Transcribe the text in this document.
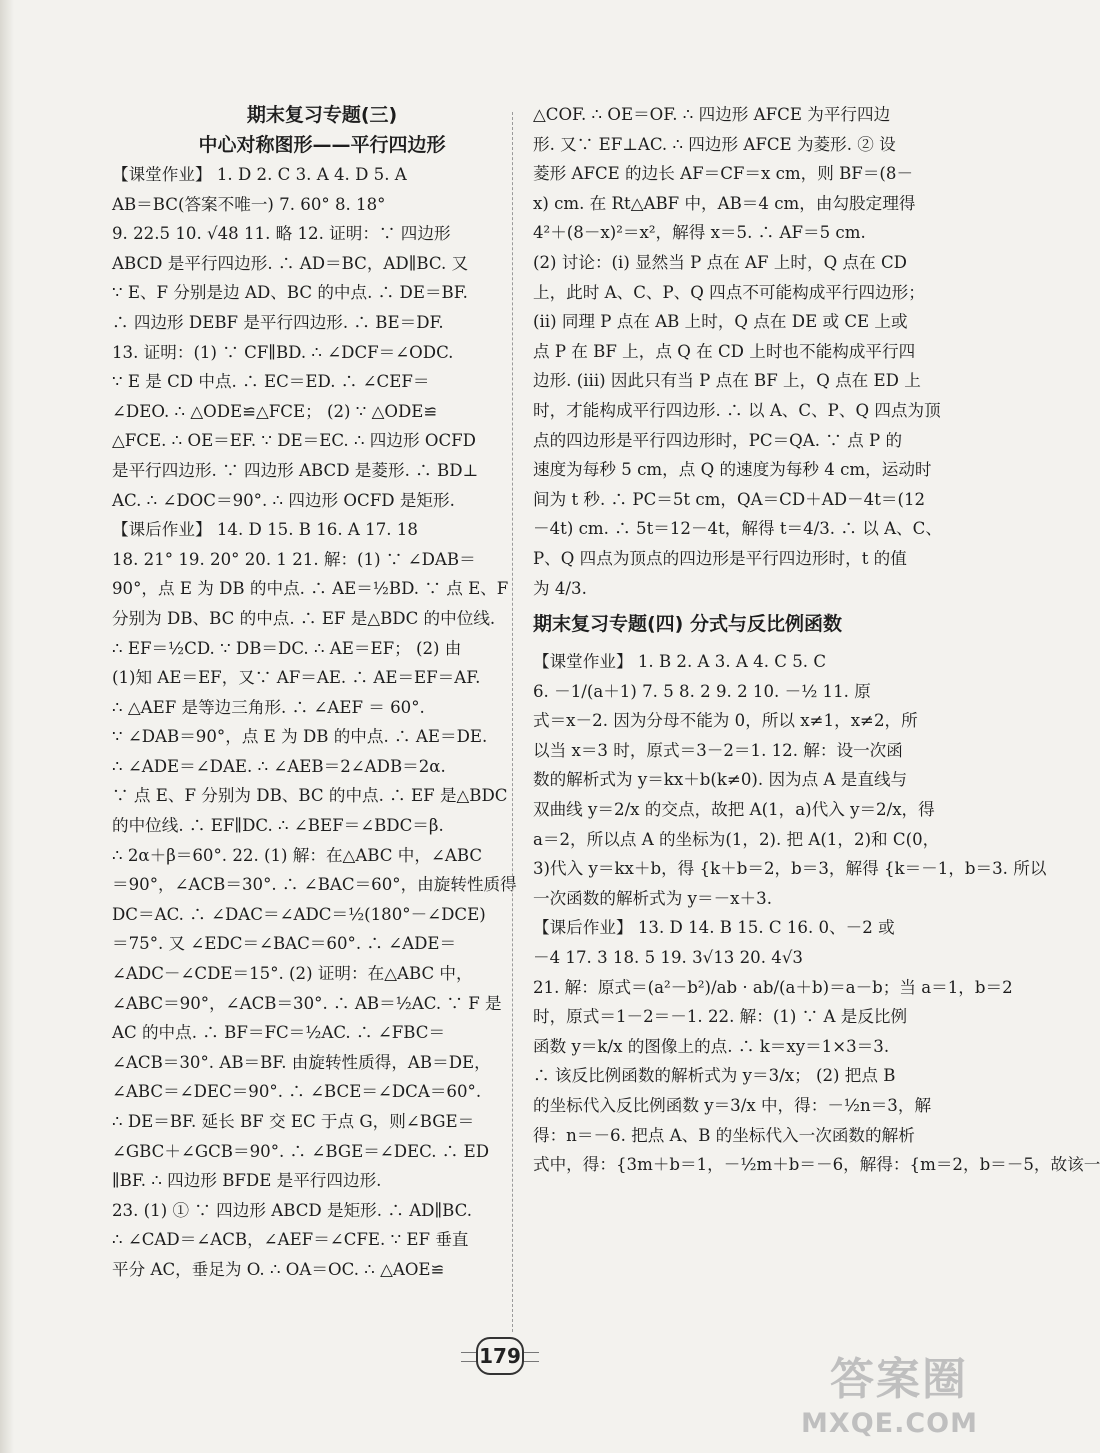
期末复习专题(三)
中心对称图形——平行四边形
【课堂作业】 1. D 2. C 3. A 4. D 5. A
AB＝BC(答案不唯一) 7. 60° 8. 18°
9. 22.5 10. √48 11. 略 12. 证明：∵ 四边形
ABCD 是平行四边形. ∴ AD＝BC，AD∥BC. 又
∵ E、F 分别是边 AD、BC 的中点. ∴ DE＝BF.
∴ 四边形 DEBF 是平行四边形. ∴ BE＝DF.
13. 证明：(1) ∵ CF∥BD. ∴ ∠DCF＝∠ODC.
∵ E 是 CD 中点. ∴ EC＝ED. ∴ ∠CEF＝
∠DEO. ∴ △ODE≌△FCE； (2) ∵ △ODE≌
△FCE. ∴ OE＝EF. ∵ DE＝EC. ∴ 四边形 OCFD
是平行四边形. ∵ 四边形 ABCD 是菱形. ∴ BD⊥
AC. ∴ ∠DOC＝90°. ∴ 四边形 OCFD 是矩形.
【课后作业】 14. D 15. B 16. A 17. 18
18. 21° 19. 20° 20. 1 21. 解：(1) ∵ ∠DAB＝
90°，点 E 为 DB 的中点. ∴ AE＝½BD. ∵ 点 E、F
分别为 DB、BC 的中点. ∴ EF 是△BDC 的中位线.
∴ EF＝½CD. ∵ DB＝DC. ∴ AE＝EF； (2) 由
(1)知 AE＝EF，又∵ AF＝AE. ∴ AE＝EF＝AF.
∴ △AEF 是等边三角形. ∴ ∠AEF ＝ 60°.
∵ ∠DAB＝90°，点 E 为 DB 的中点. ∴ AE＝DE.
∴ ∠ADE＝∠DAE. ∴ ∠AEB＝2∠ADB＝2α.
∵ 点 E、F 分别为 DB、BC 的中点. ∴ EF 是△BDC
的中位线. ∴ EF∥DC. ∴ ∠BEF＝∠BDC＝β.
∴ 2α＋β＝60°. 22. (1) 解：在△ABC 中，∠ABC
＝90°，∠ACB＝30°. ∴ ∠BAC＝60°，由旋转性质得
DC＝AC. ∴ ∠DAC＝∠ADC＝½(180°－∠DCE)
＝75°. 又 ∠EDC＝∠BAC＝60°. ∴ ∠ADE＝
∠ADC－∠CDE＝15°. (2) 证明：在△ABC 中，
∠ABC＝90°，∠ACB＝30°. ∴ AB＝½AC. ∵ F 是
AC 的中点. ∴ BF＝FC＝½AC. ∴ ∠FBC＝
∠ACB＝30°. AB＝BF. 由旋转性质得，AB＝DE，
∠ABC＝∠DEC＝90°. ∴ ∠BCE＝∠DCA＝60°.
∴ DE＝BF. 延长 BF 交 EC 于点 G，则∠BGE＝
∠GBC＋∠GCB＝90°. ∴ ∠BGE＝∠DEC. ∴ ED
∥BF. ∴ 四边形 BFDE 是平行四边形.
23. (1) ① ∵ 四边形 ABCD 是矩形. ∴ AD∥BC.
∴ ∠CAD＝∠ACB，∠AEF＝∠CFE. ∵ EF 垂直
平分 AC，垂足为 O. ∴ OA＝OC. ∴ △AOE≌
△COF. ∴ OE＝OF. ∴ 四边形 AFCE 为平行四边
形. 又∵ EF⊥AC. ∴ 四边形 AFCE 为菱形. ② 设
菱形 AFCE 的边长 AF＝CF＝x cm，则 BF＝(8－
x) cm. 在 Rt△ABF 中，AB＝4 cm，由勾股定理得
4²＋(8－x)²＝x²，解得 x＝5. ∴ AF＝5 cm.
(2) 讨论：(ⅰ) 显然当 P 点在 AF 上时，Q 点在 CD
上，此时 A、C、P、Q 四点不可能构成平行四边形；
(ⅱ) 同理 P 点在 AB 上时，Q 点在 DE 或 CE 上或
点 P 在 BF 上，点 Q 在 CD 上时也不能构成平行四
边形. (ⅲ) 因此只有当 P 点在 BF 上，Q 点在 ED 上
时，才能构成平行四边形. ∴ 以 A、C、P、Q 四点为顶
点的四边形是平行四边形时，PC＝QA. ∵ 点 P 的
速度为每秒 5 cm，点 Q 的速度为每秒 4 cm，运动时
间为 t 秒. ∴ PC＝5t cm，QA＝CD＋AD－4t＝(12
－4t) cm. ∴ 5t＝12－4t，解得 t＝4/3. ∴ 以 A、C、
P、Q 四点为顶点的四边形是平行四边形时，t 的值
为 4/3.
期末复习专题(四) 分式与反比例函数
【课堂作业】 1. B 2. A 3. A 4. C 5. C
6. －1/(a＋1) 7. 5 8. 2 9. 2 10. －½ 11. 原
式＝x－2. 因为分母不能为 0，所以 x≠1，x≠2，所
以当 x＝3 时，原式＝3－2＝1. 12. 解：设一次函
数的解析式为 y＝kx＋b(k≠0). 因为点 A 是直线与
双曲线 y＝2/x 的交点，故把 A(1，a)代入 y＝2/x，得
a＝2，所以点 A 的坐标为(1，2). 把 A(1，2)和 C(0，
3)代入 y＝kx＋b，得 {k＋b＝2，b＝3，解得 {k＝－1，b＝3. 所以
一次函数的解析式为 y＝－x＋3.
【课后作业】 13. D 14. B 15. C 16. 0、－2 或
－4 17. 3 18. 5 19. 3√13 20. 4√3
21. 解：原式＝(a²－b²)/ab · ab/(a＋b)＝a－b；当 a＝1，b＝2
时，原式＝1－2＝－1. 22. 解：(1) ∵ A 是反比例
函数 y＝k/x 的图像上的点. ∴ k＝xy＝1×3＝3.
∴ 该反比例函数的解析式为 y＝3/x； (2) 把点 B
的坐标代入反比例函数 y＝3/x 中，得：－½n＝3，解
得：n＝－6. 把点 A、B 的坐标代入一次函数的解析
式中，得：{3m＋b＝1，－½m＋b＝－6，解得：{m＝2，b＝－5，故该一
179	答案圈
MXQE.COM
